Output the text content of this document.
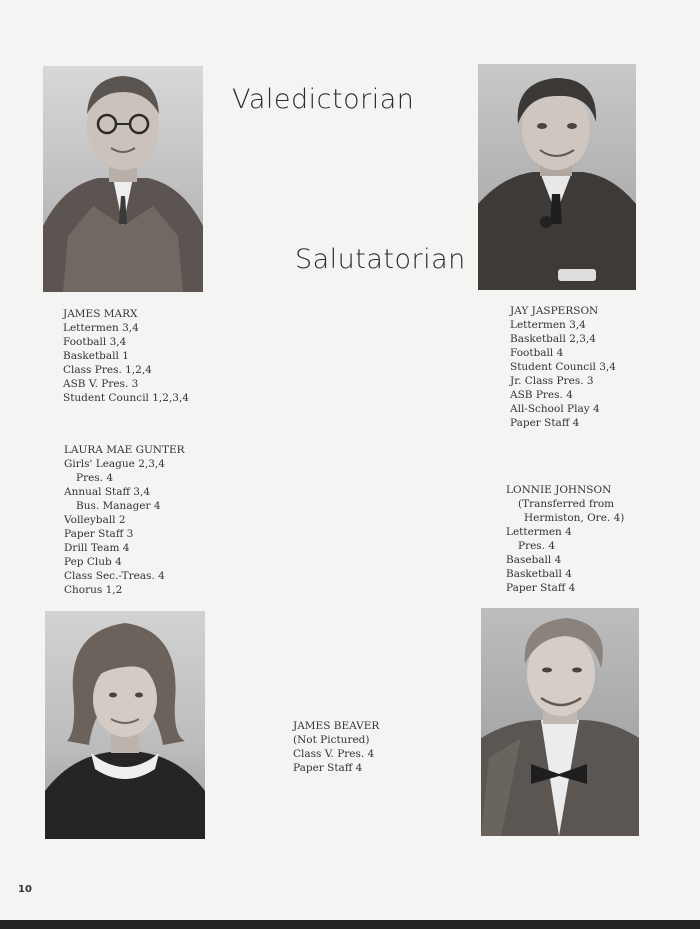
Valedictorian
Salutatorian
JAMES MARX
Lettermen 3,4
Football 3,4
Basketball 1
Class Pres. 1,2,4
ASB V. Pres. 3
Student Council 1,2,3,4
JAY JASPERSON
Lettermen 3,4
Basketball 2,3,4
Football 4
Student Council 3,4
Jr. Class Pres. 3
ASB Pres. 4
All-School Play 4
Paper Staff 4
LAURA MAE GUNTER
Girls' League 2,3,4
Pres. 4
Annual Staff 3,4
Bus. Manager 4
Volleyball 2
Paper Staff 3
Drill Team 4
Pep Club 4
Class Sec.-Treas. 4
Chorus 1,2
LONNIE JOHNSON
(Transferred from
Hermiston, Ore. 4)
Lettermen 4
Pres. 4
Baseball 4
Basketball 4
Paper Staff 4
JAMES BEAVER
(Not Pictured)
Class V. Pres. 4
Paper Staff 4
10
